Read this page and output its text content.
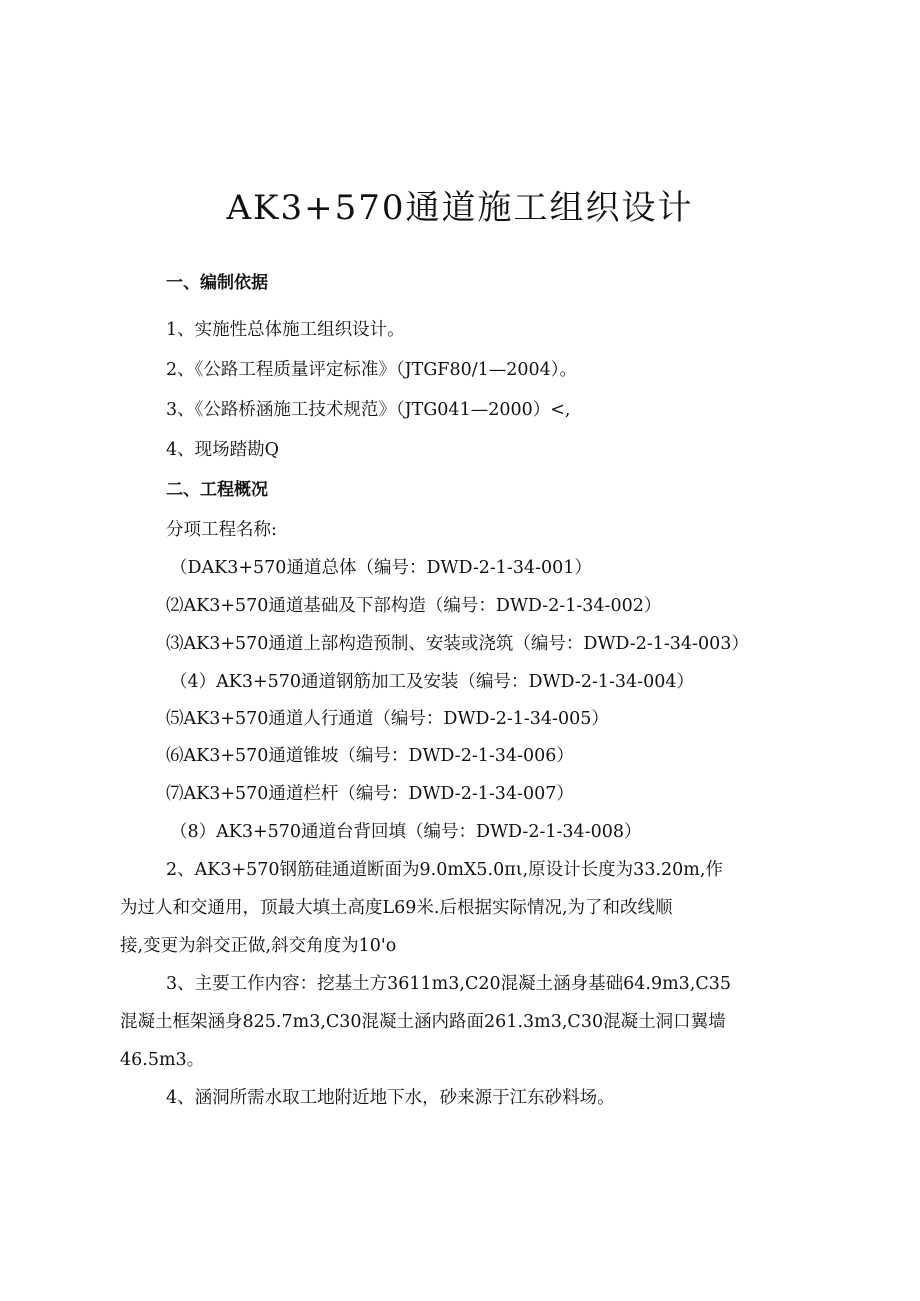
AK3+570通道施工组织设计
一、编制依据
1、实施性总体施工组织设计。
2、《公路工程质量评定标准》（JTGF80/1—2004）。
3、《公路桥涵施工技术规范》（JTG041—2000）<,
4、现场踏勘Q
二、工程概况
分项工程名称:
（DAK3+570通道总体（编号：DWD-2-1-34-001）
⑵AK3+570通道基础及下部构造（编号：DWD-2-1-34-002）
⑶AK3+570通道上部构造预制、安装或浇筑（编号：DWD-2-1-34-003）
（4）AK3+570通道钢筋加工及安装（编号：DWD-2-1-34-004）
⑸AK3+570通道人行通道（编号：DWD-2-1-34-005）
⑹AK3+570通道锥坡（编号：DWD-2-1-34-006）
⑺AK3+570通道栏杆（编号：DWD-2-1-34-007）
（8）AK3+570通道台背回填（编号：DWD-2-1-34-008）
2、AK3+570钢筋硅通道断面为9.0mX5.0πι,原设计长度为33.20m,作
为过人和交通用，顶最大填土高度L69米.后根据实际情况,为了和改线顺
接,变更为斜交正做,斜交角度为10'o
3、主要工作内容：挖基土方3611m3,C20混凝土涵身基础64.9m3,C35
混凝土框架涵身825.7m3,C30混凝土涵内路面261.3m3,C30混凝土洞口翼墙
46.5m3。
4、涵洞所需水取工地附近地下水，砂来源于江东砂料场。
